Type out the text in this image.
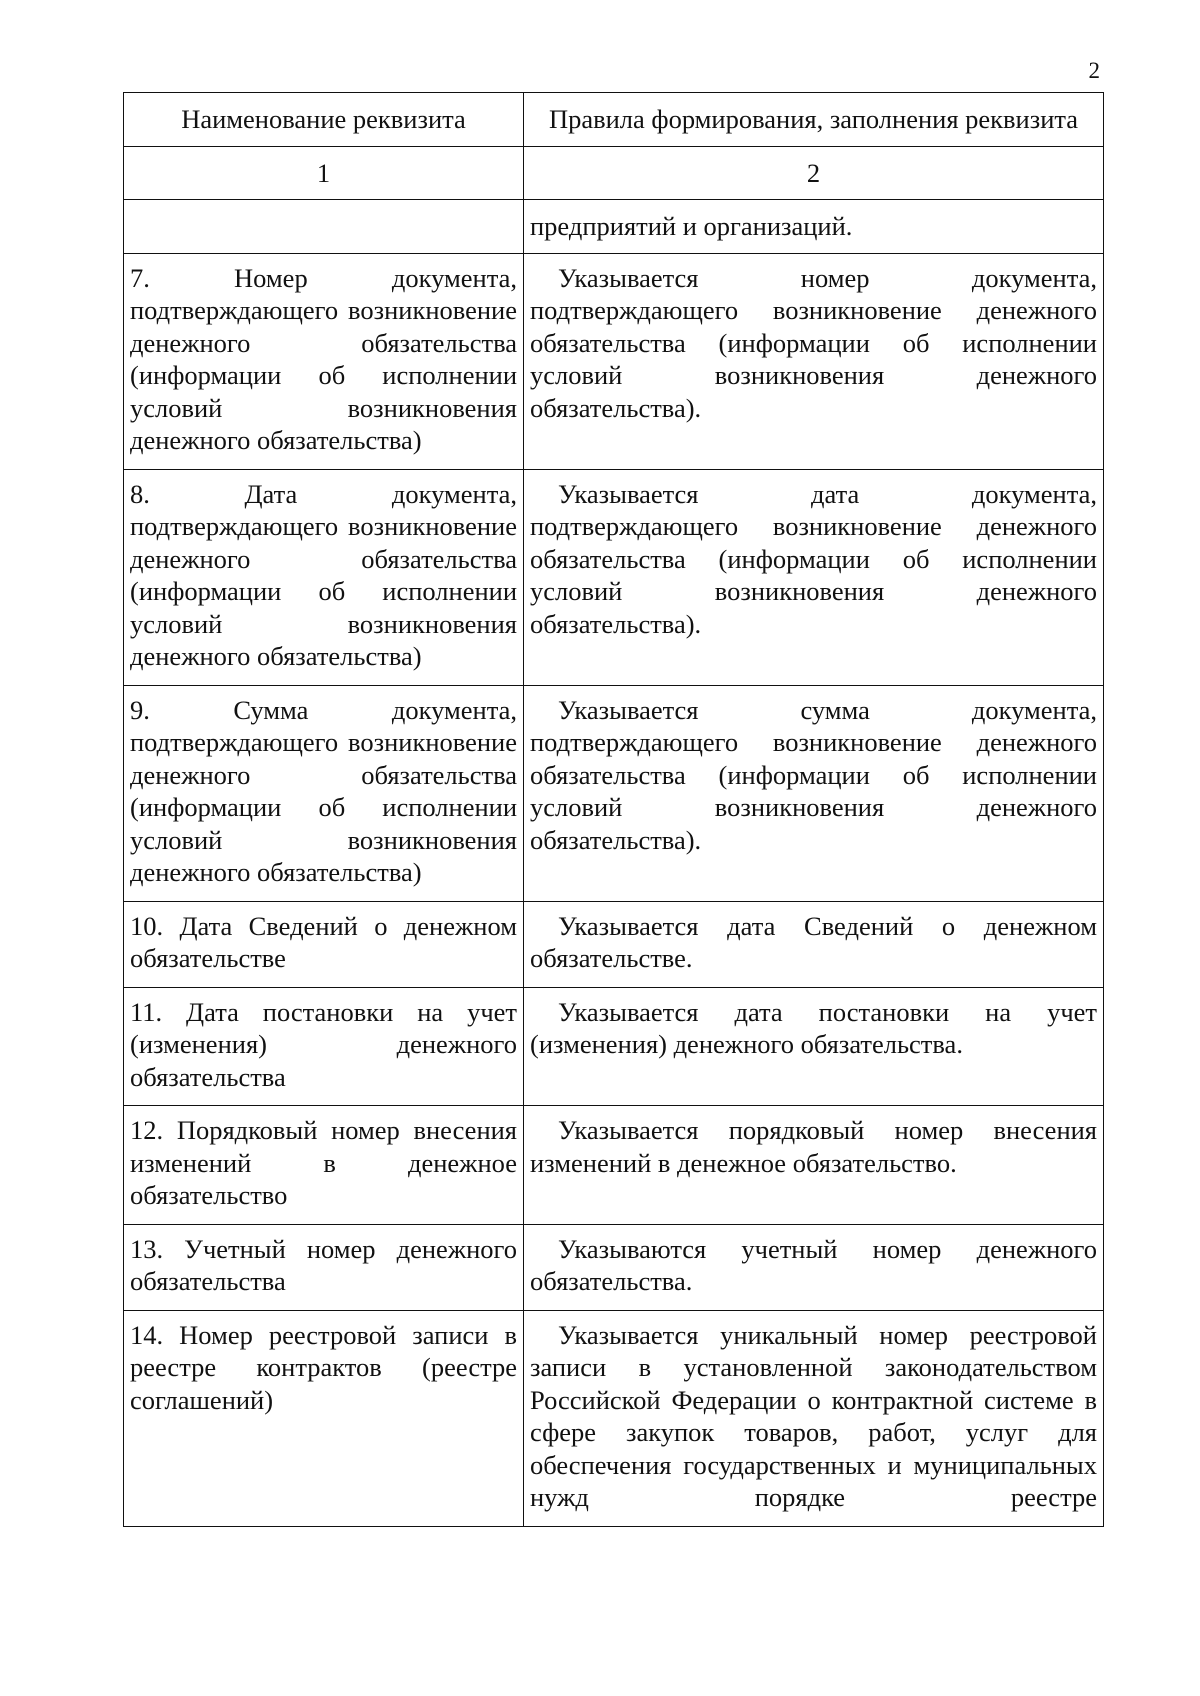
2
Наименование реквизита	Правила формирования, заполнения реквизита
1	2
	предприятий и организаций.
7. Номер документа, подтверждающего возникновение денежного обязательства (информации об исполнении условий возникновения денежного обязательства)	Указывается номер документа, подтверждающего возникновение денежного обязательства (информации об исполнении условий возникновения денежного обязательства).
8. Дата документа, подтверждающего возникновение денежного обязательства (информации об исполнении условий возникновения денежного обязательства)	Указывается дата документа, подтверждающего возникновение денежного обязательства (информации об исполнении условий возникновения денежного обязательства).
9. Сумма документа, подтверждающего возникновение денежного обязательства (информации об исполнении условий возникновения денежного обязательства)	Указывается сумма документа, подтверждающего возникновение денежного обязательства (информации об исполнении условий возникновения денежного обязательства).
10. Дата Сведений о денежном обязательстве	Указывается дата Сведений о денежном обязательстве.
11. Дата постановки на учет (изменения) денежного обязательства	Указывается дата постановки на учет (изменения) денежного обязательства.
12. Порядковый номер внесения изменений в денежное обязательство	Указывается порядковый номер внесения изменений в денежное обязательство.
13. Учетный номер денежного обязательства	Указываются учетный номер денежного обязательства.
14. Номер реестровой записи в реестре контрактов (реестре соглашений)	Указывается уникальный номер реестровой записи в установленной законодательством Российской Федерации о контрактной системе в сфере закупок товаров, работ, услуг для обеспечения государственных и муниципальных нужд порядке реестре
